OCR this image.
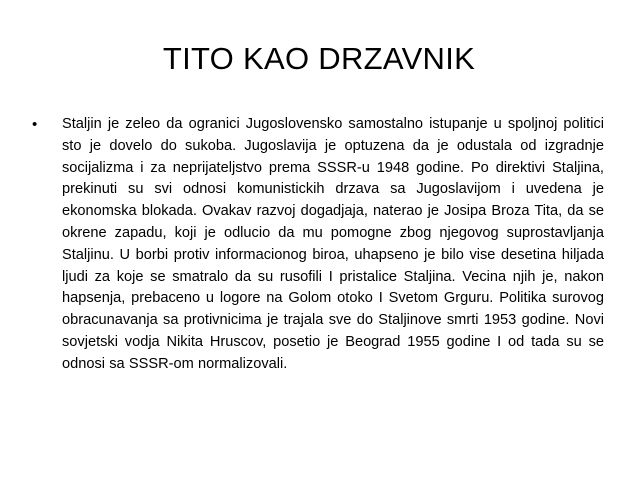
TITO KAO DRZAVNIK
• Staljin je zeleo da ogranici Jugoslovensko samostalno istupanje u spoljnoj politici sto je dovelo do sukoba. Jugoslavija je optuzena da je odustala od izgradnje socijalizma i za neprijateljstvo prema SSSR-u 1948 godine. Po direktivi Staljina, prekinuti su svi odnosi komunistickih drzava sa Jugoslavijom i uvedena je ekonomska blokada. Ovakav razvoj dogadjaja, naterao je Josipa Broza Tita, da se okrene zapadu, koji je odlucio da mu pomogne zbog njegovog suprostavljanja Staljinu. U borbi protiv informacionog biroa, uhapseno je bilo vise desetina hiljada ljudi za koje se smatralo da su rusofili I pristalice Staljina. Vecina njih je, nakon hapsenja, prebaceno u logore na Golom otoko I Svetom Grguru. Politika surovog obracunavanja sa protivnicima je trajala sve do Staljinove smrti 1953 godine. Novi sovjetski vodja Nikita Hruscov, posetio je Beograd 1955 godine I od tada su se odnosi sa SSSR-om normalizovali.
